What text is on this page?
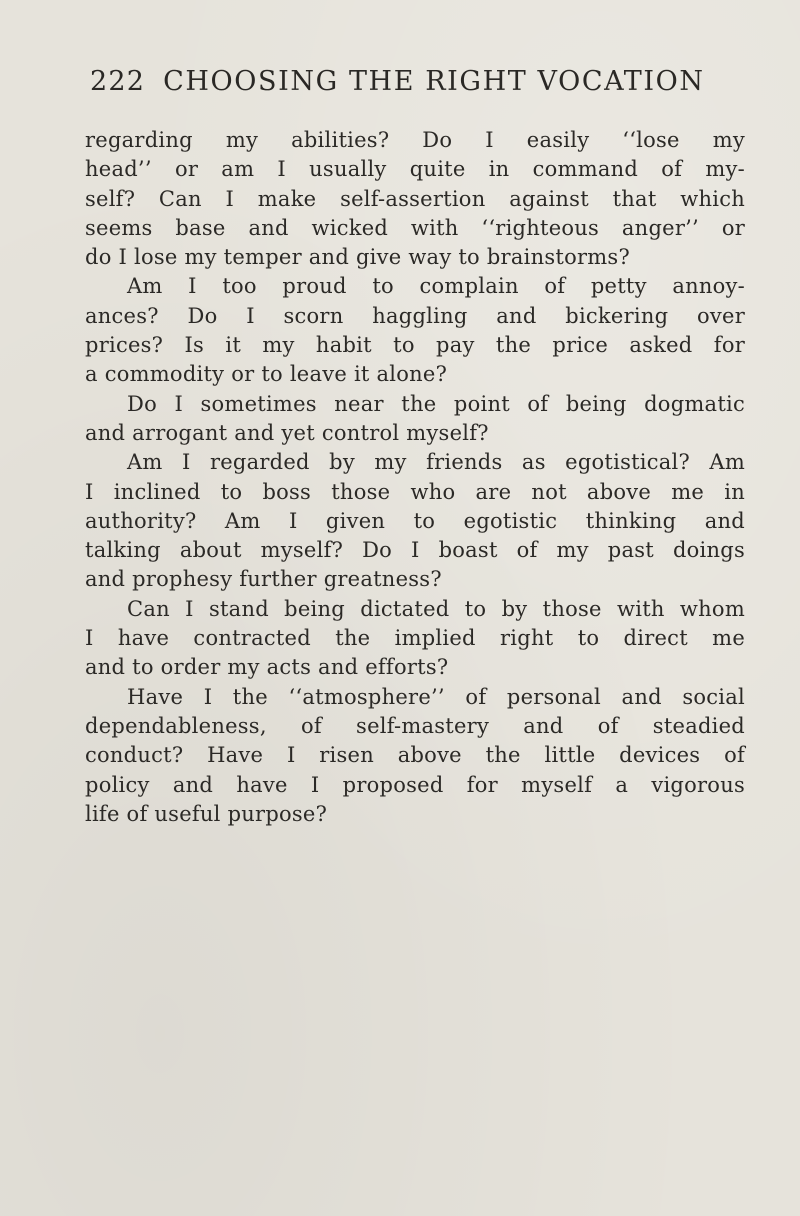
222 CHOOSING THE RIGHT VOCATION

regarding my abilities? Do I easily ‘‘lose my
head’’ or am I usually quite in command of my-
self? Can I make self-assertion against that which
seems base and wicked with ‘‘righteous anger’’ or
do I lose my temper and give way to brainstorms?

Am I too proud to complain of petty annoy-
ances? Do I scorn haggling and bickering over
prices? Is it my habit to pay the price asked for
a commodity or to leave it alone?

Do I sometimes near the point of being dogmatic
and arrogant and yet control myself?

Am I regarded by my friends as egotistical? Am
I inclined to boss those who are not above me in
authority? Am I given to egotistic thinking and
talking about myself? Do I boast of my past doings
and prophesy further greatness?

Can I stand being dictated to by those with whom
I have contracted the implied right to direct me
and to order my acts and efforts?

Have I the ‘‘atmosphere’’ of personal and social
dependableness, of self-mastery and of steadied
conduct? Have I risen above the little devices of
policy and have I proposed for myself a vigorous
life of useful purpose?
